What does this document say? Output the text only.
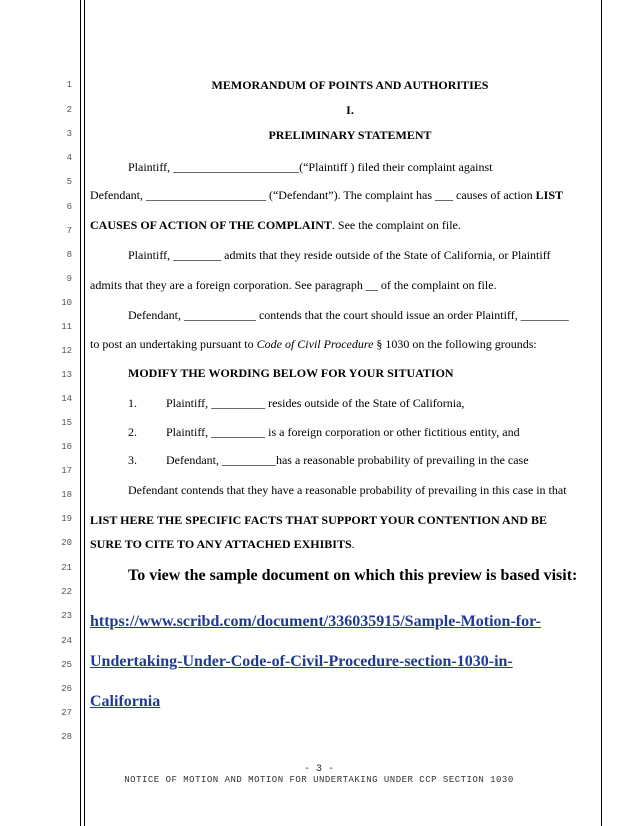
1
2
3
4
5
6
7
8
9
10
11
12
13
14
15
16
17
18
19
20
21
22
23
24
25
26
27
28
MEMORANDUM OF POINTS AND AUTHORITIES
I.
PRELIMINARY STATEMENT
Plaintiff, _____________________(“Plaintiff ) filed their complaint against
Defendant, ____________________ (“Defendant”). The complaint has ___ causes of action LIST
CAUSES OF ACTION OF THE COMPLAINT. See the complaint on file.
Plaintiff, ________ admits that they reside outside of the State of California, or Plaintiff
admits that they are a foreign corporation. See paragraph __ of the complaint on file.
Defendant, ____________ contends that the court should issue an order Plaintiff, ________
to post an undertaking pursuant to Code of Civil Procedure § 1030 on the following grounds:
MODIFY THE WORDING BELOW FOR YOUR SITUATION
1. Plaintiff, _________ resides outside of the State of California,
2. Plaintiff, _________ is a foreign corporation or other fictitious entity, and
3. Defendant, _________has a reasonable probability of prevailing in the case
Defendant contends that they have a reasonable probability of prevailing in this case in that
LIST HERE THE SPECIFIC FACTS THAT SUPPORT YOUR CONTENTION AND BE
SURE TO CITE TO ANY ATTACHED EXHIBITS.
To view the sample document on which this preview is based visit:
https://www.scribd.com/document/336035915/Sample-Motion-for-
Undertaking-Under-Code-of-Civil-Procedure-section-1030-in-
California
- 3 -
NOTICE OF MOTION AND MOTION FOR UNDERTAKING UNDER CCP SECTION 1030
